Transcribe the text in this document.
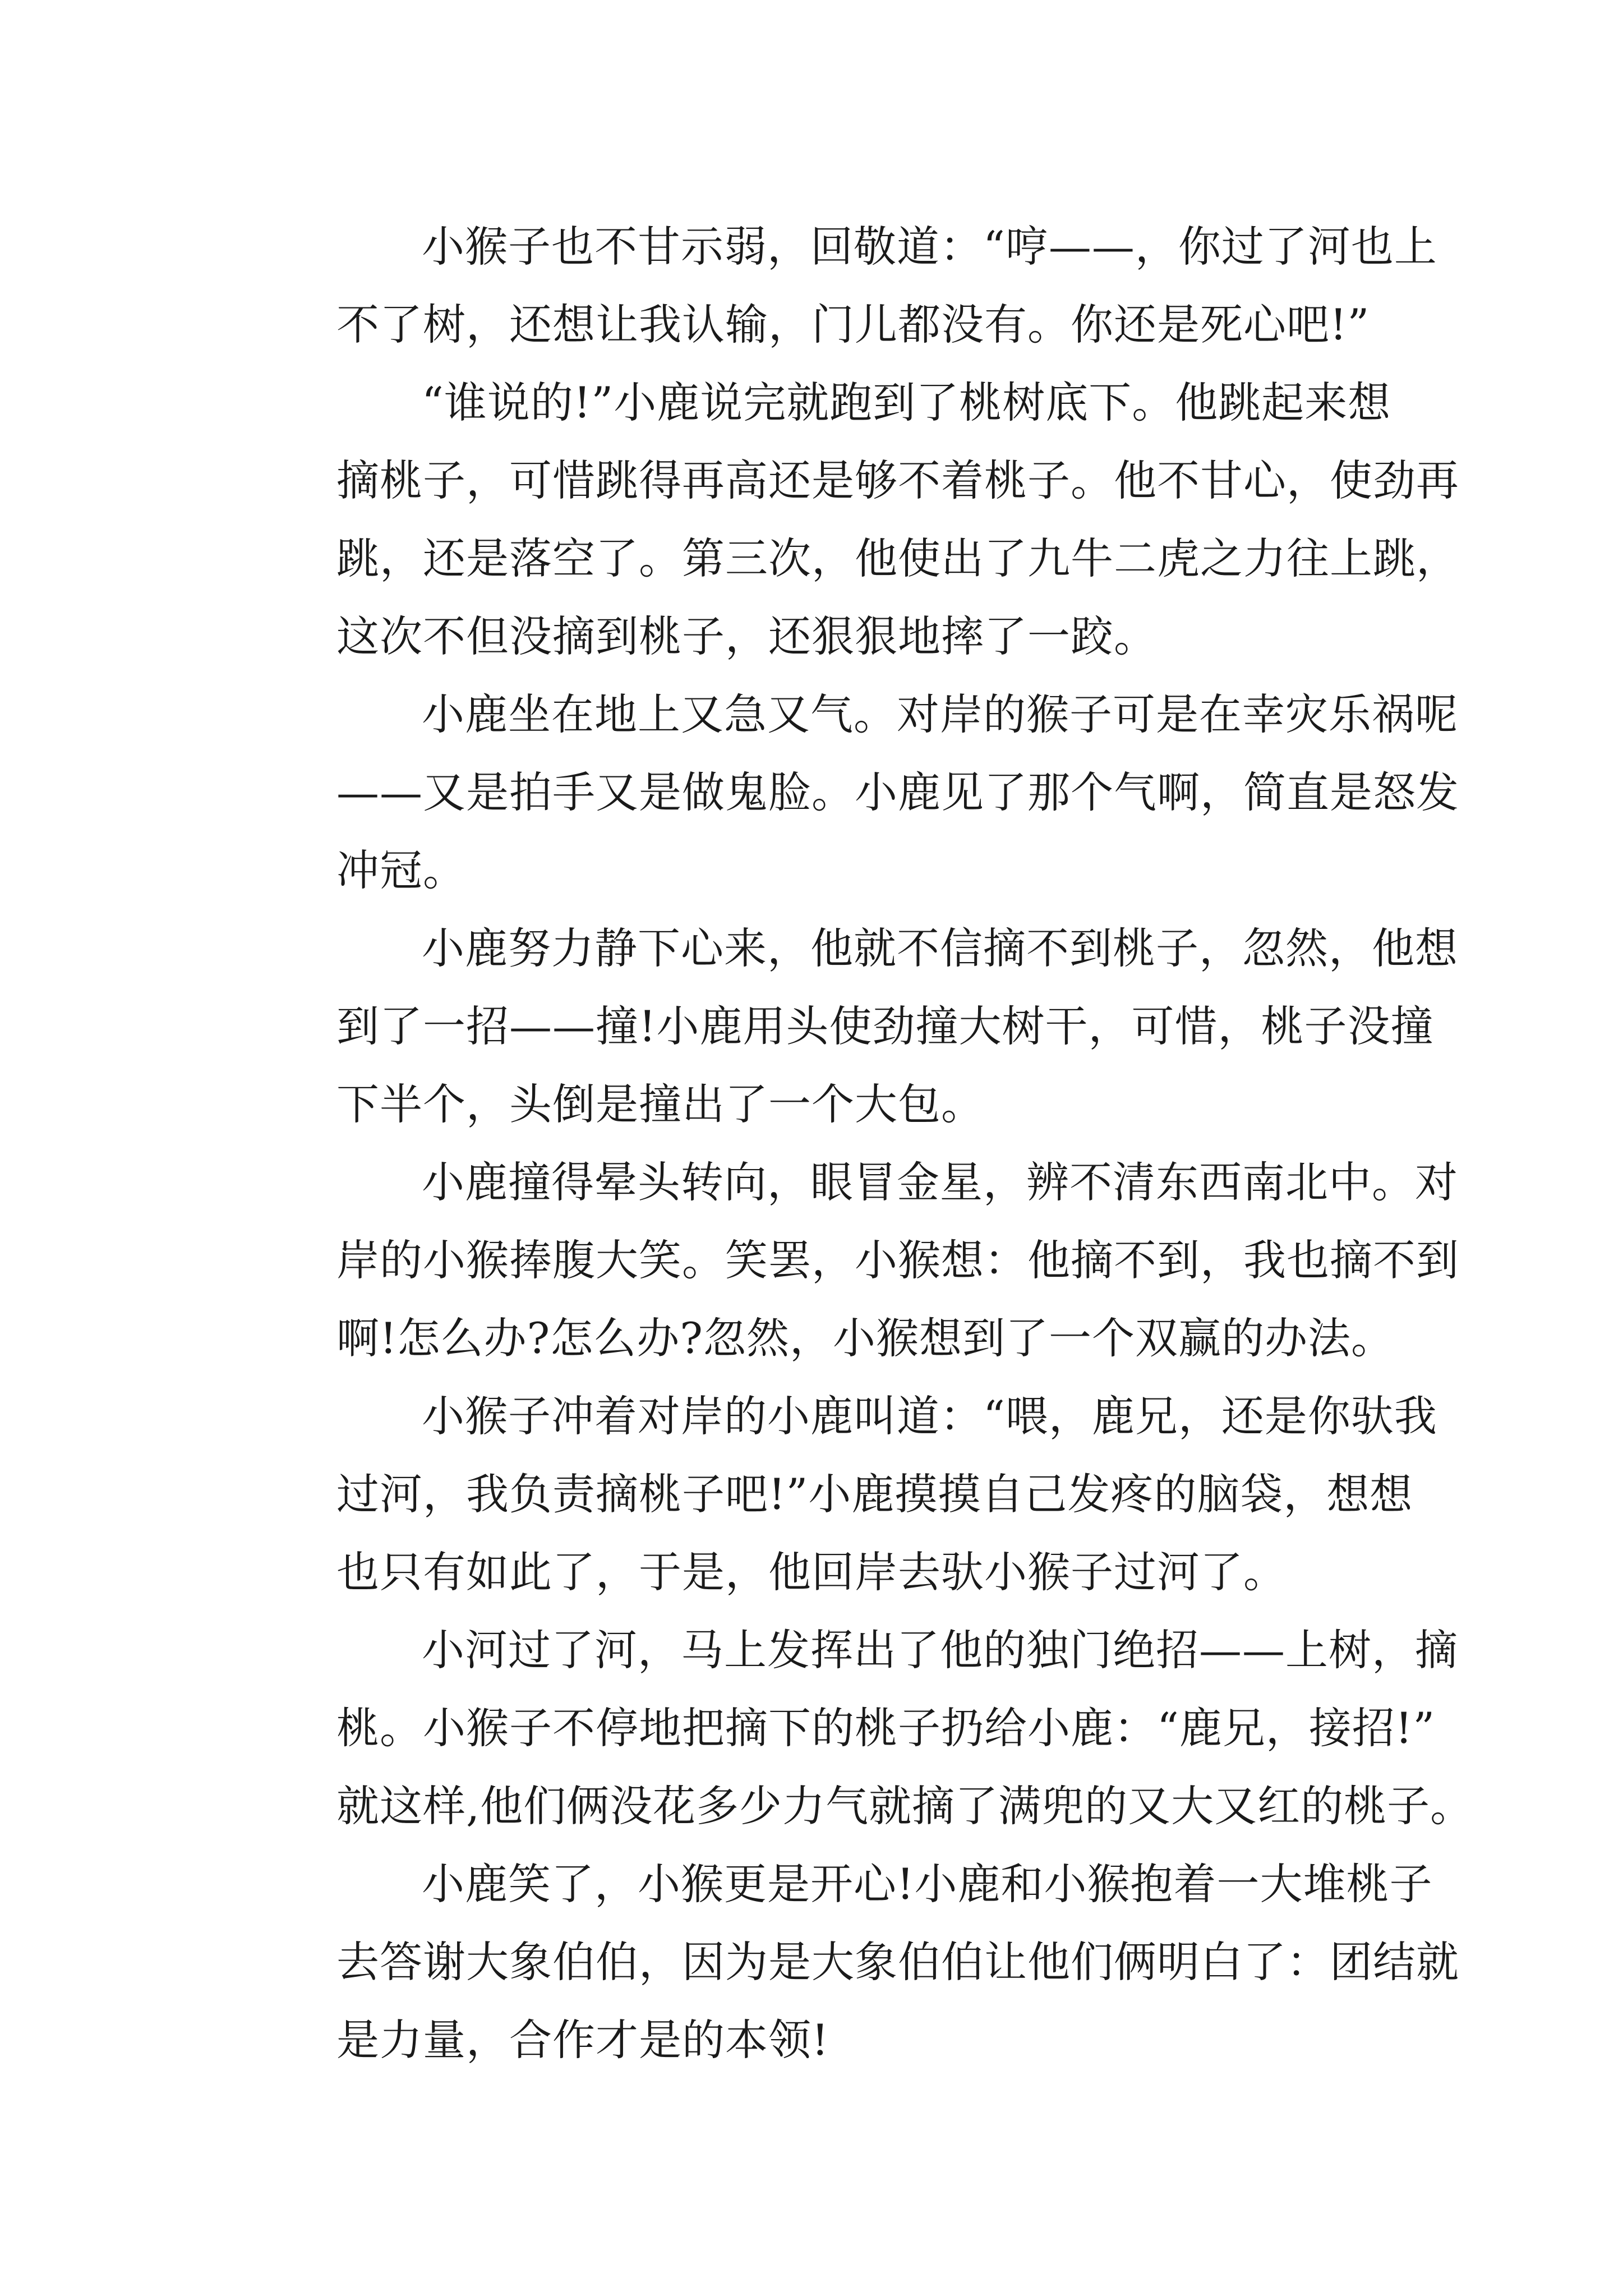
小猴子也不甘示弱，回敬道：“哼——，你过了河也上
不了树，还想让我认输，门儿都没有。你还是死心吧!”

“谁说的!”小鹿说完就跑到了桃树底下。他跳起来想
摘桃子，可惜跳得再高还是够不着桃子。他不甘心，使劲再
跳，还是落空了。第三次，他使出了九牛二虎之力往上跳，
这次不但没摘到桃子，还狠狠地摔了一跤。

小鹿坐在地上又急又气。对岸的猴子可是在幸灾乐祸呢
——又是拍手又是做鬼脸。小鹿见了那个气啊，简直是怒发
冲冠。

小鹿努力静下心来，他就不信摘不到桃子，忽然，他想
到了一招——撞!小鹿用头使劲撞大树干，可惜，桃子没撞
下半个，头倒是撞出了一个大包。

小鹿撞得晕头转向，眼冒金星，辨不清东西南北中。对
岸的小猴捧腹大笑。笑罢，小猴想：他摘不到，我也摘不到
啊!怎么办?怎么办?忽然，小猴想到了一个双赢的办法。

小猴子冲着对岸的小鹿叫道：“喂，鹿兄，还是你驮我
过河，我负责摘桃子吧!”小鹿摸摸自己发疼的脑袋，想想
也只有如此了，于是，他回岸去驮小猴子过河了。

小河过了河，马上发挥出了他的独门绝招——上树，摘
桃。小猴子不停地把摘下的桃子扔给小鹿：“鹿兄，接招!”
就这样,他们俩没花多少力气就摘了满兜的又大又红的桃子。

小鹿笑了，小猴更是开心!小鹿和小猴抱着一大堆桃子
去答谢大象伯伯，因为是大象伯伯让他们俩明白了：团结就
是力量，合作才是的本领!
